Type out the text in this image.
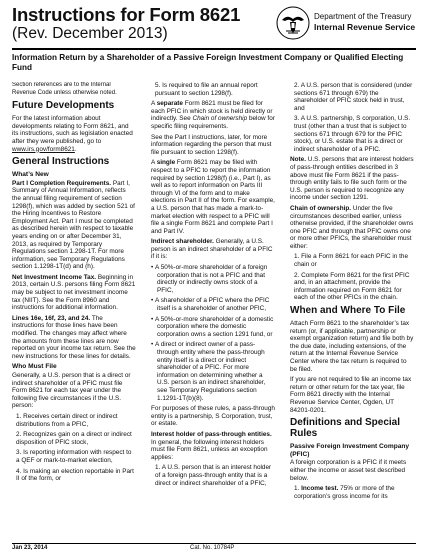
Instructions for Form 8621
(Rev. December 2013)
Department of the Treasury
Internal Revenue Service
Information Return by a Shareholder of a Passive Foreign Investment Company or Qualified Electing Fund

Section references are to the Internal Revenue Code unless otherwise noted.

Future Developments

For the latest information about developments relating to Form 8621, and its instructions, such as legislation enacted after they were published, go to www.irs.gov/form8621.

General Instructions
What’s New

Part I Completion Requirements. Part I, Summary of Annual Information, reflects the annual filing requirement of section 1298(f), which was added by section 521 of the Hiring Incentives to Restore Employment Act. Part I must be completed as described herein with respect to taxable years ending on or after December 31, 2013, as required by Temporary Regulations section 1.298-1T. For more information, see Temporary Regulations section 1.1298-1T(d) and (h).

Net Investment Income Tax. Beginning in 2013, certain U.S. persons filing Form 8621 may be subject to net investment income tax (NIIT). See the Form 8960 and instructions for additional information.

Lines 16e, 16f, 23, and 24. The instructions for those lines have been modified. The changes may affect where the amounts from these lines are now reported on your income tax return. See the new instructions for these lines for details.

Who Must File

Generally, a U.S. person that is a direct or indirect shareholder of a PFIC must file Form 8621 for each tax year under the following five circumstances if the U.S. person:

1. Receives certain direct or indirect distributions from a PFIC,

2. Recognizes gain on a direct or indirect disposition of PFIC stock,

3. Is reporting information with respect to a QEF or mark-to-market election,

4. Is making an election reportable in Part II of the form, or

5. Is required to file an annual report pursuant to section 1298(f).

A separate Form 8621 must be filed for each PFIC in which stock is held directly or indirectly. See Chain of ownership below for specific filing requirements.

See the Part I instructions, later, for more information regarding the person that must file pursuant to section 1298(f).

A single Form 8621 may be filed with respect to a PFIC to report the information required by section 1298(f) (i.e., Part I), as well as to report information on Parts III through VI of the form and to make elections in Part II of the form. For example, a U.S. person that has made a mark-to-market election with respect to a PFIC will file a single Form 8621 and complete Part I and Part IV.

Indirect shareholder. Generally, a U.S. person is an indirect shareholder of a PFIC if it is:

• A 50%-or-more shareholder of a foreign corporation that is not a PFIC and that directly or indirectly owns stock of a PFIC,

• A shareholder of a PFIC where the PFIC itself is a shareholder of another PFIC,

• A 50%-or-more shareholder of a domestic corporation where the domestic corporation owns a section 1291 fund, or

• A direct or indirect owner of a pass-through entity where the pass-through entity itself is a direct or indirect shareholder of a PFIC. For more information on determining whether a U.S. person is an indirect shareholder, see Temporary Regulations section 1.1291-1T(b)(8).

For purposes of these rules, a pass-through entity is a partnership, S Corporation, trust, or estate.

Interest holder of pass-through entities. In general, the following interest holders must file Form 8621, unless an exception applies:

1. A U.S. person that is an interest holder of a foreign pass-through entity that is a direct or indirect shareholder of a PFIC,

2. A U.S. person that is considered (under sections 671 through 679) the shareholder of PFIC stock held in trust, and

3. A U.S. partnership, S corporation, U.S. trust (other than a trust that is subject to sections 671 through 679 for the PFIC stock), or U.S. estate that is a direct or indirect shareholder of a PFIC.

Note. U.S. persons that are interest holders of pass-through entities described in 3 above must file Form 8621 if the pass-through entity fails to file such form or the U.S. person is required to recognize any income under section 1291.

Chain of ownership. Under the five circumstances described earlier, unless otherwise provided, if the shareholder owns one PFIC and through that PFIC owns one or more other PFICs, the shareholder must either:

1. File a Form 8621 for each PFIC in the chain or

2. Complete Form 8621 for the first PFIC and, in an attachment, provide the information required on Form 8621 for each of the other PFICs in the chain.

When and Where To File

Attach Form 8621 to the shareholder’s tax return (or, if applicable, partnership or exempt organization return) and file both by the due date, including extensions, of the return at the Internal Revenue Service Center where the tax return is required to be filed.

If you are not required to file an income tax return or other return for the tax year, file Form 8621 directly with the Internal Revenue Service Center, Ogden, UT 84201-0201.

Definitions and Special Rules
Passive Foreign Investment Company (PFIC)

A foreign corporation is a PFIC if it meets either the income or asset test described below.

1. Income test. 75% or more of the corporation’s gross income for its

Jan 23, 2014	Cat. No. 10784P
